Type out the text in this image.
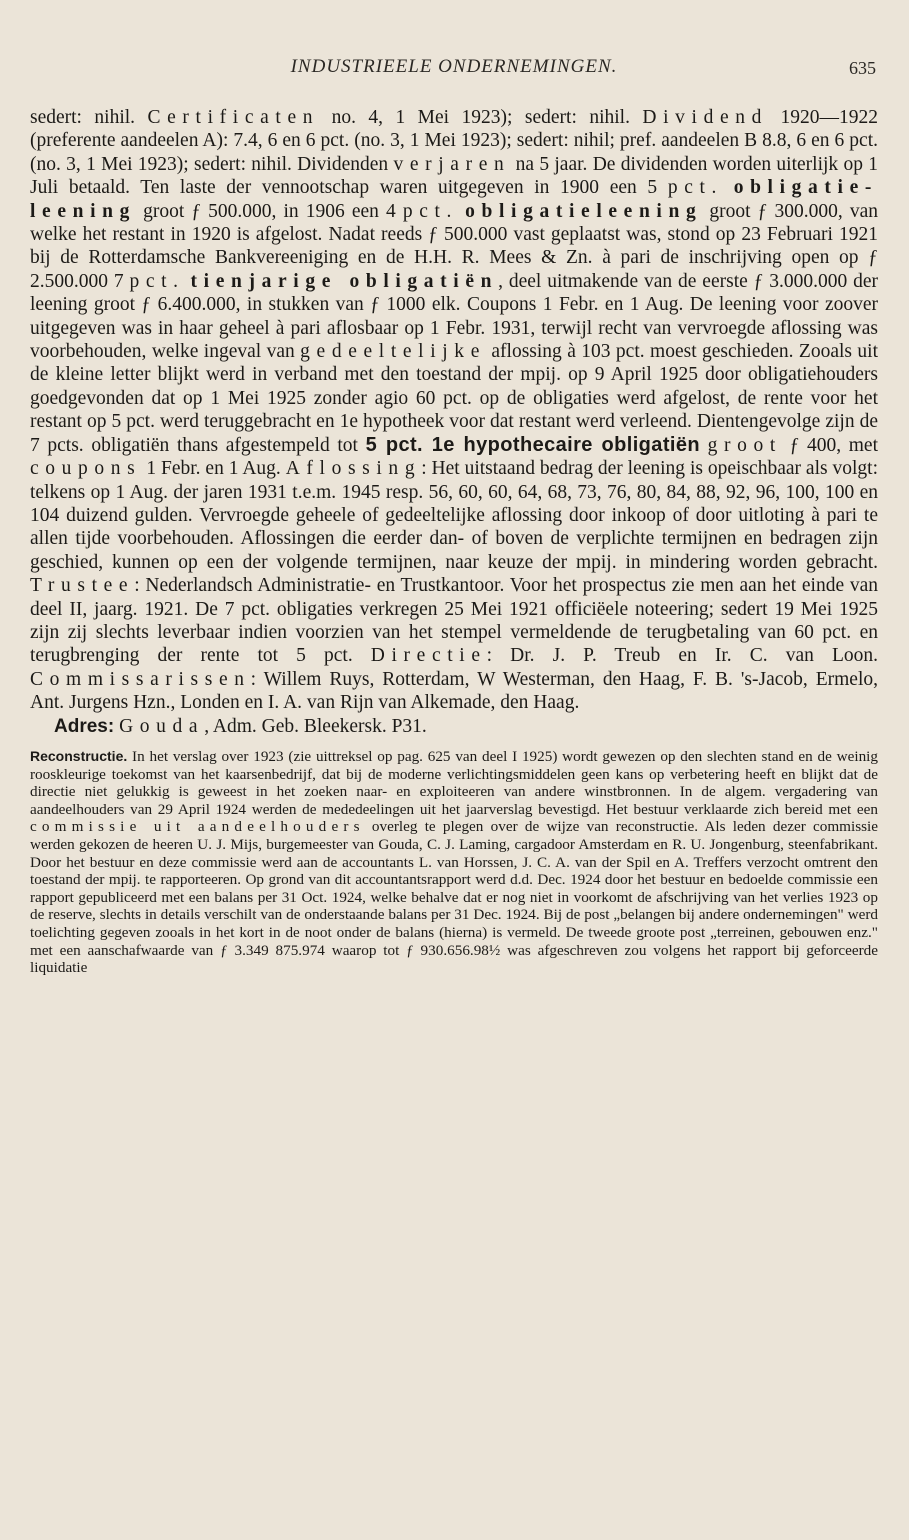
INDUSTRIEELE ONDERNEMINGEN.	635

sedert: nihil. Certificaten no. 4, 1 Mei 1923); sedert: nihil. Dividend 1920—1922 (preferente aandeelen A): 7.4, 6 en 6 pct. (no. 3, 1 Mei 1923); sedert: nihil; pref. aandeelen B 8.8, 6 en 6 pct. (no. 3, 1 Mei 1923); sedert: nihil. Dividenden verjaren na 5 jaar. De dividenden worden uiterlijk op 1 Juli betaald. Ten laste der vennootschap waren uitgegeven in 1900 een 5 pct. obligatie-leening groot ƒ 500.000, in 1906 een 4 pct. obligatieleening groot ƒ 300.000, van welke het restant in 1920 is afgelost. Nadat reeds ƒ 500.000 vast geplaatst was, stond op 23 Februari 1921 bij de Rotterdamsche Bankvereeniging en de H.H. R. Mees & Zn. à pari de inschrijving open op ƒ 2.500.000 7 pct. tienjarige obligatiën, deel uitmakende van de eerste ƒ 3.000.000 der leening groot ƒ 6.400.000, in stukken van ƒ 1000 elk. Coupons 1 Febr. en 1 Aug. De leening voor zoover uitgegeven was in haar geheel à pari aflosbaar op 1 Febr. 1931, terwijl recht van vervroegde aflossing was voorbehouden, welke ingeval van gedeeltelijke aflossing à 103 pct. moest geschieden. Zooals uit de kleine letter blijkt werd in verband met den toestand der mpij. op 9 April 1925 door obligatiehouders goedgevonden dat op 1 Mei 1925 zonder agio 60 pct. op de obligaties werd afgelost, de rente voor het restant op 5 pct. werd teruggebracht en 1e hypotheek voor dat restant werd verleend. Dientengevolge zijn de 7 pcts. obligatiën thans afgestempeld tot 5 pct. 1e hypothecaire obligatiën groot ƒ 400, met coupons 1 Febr. en 1 Aug. Aflossing: Het uitstaand bedrag der leening is opeischbaar als volgt: telkens op 1 Aug. der jaren 1931 t.e.m. 1945 resp. 56, 60, 60, 64, 68, 73, 76, 80, 84, 88, 92, 96, 100, 100 en 104 duizend gulden. Vervroegde geheele of gedeeltelijke aflossing door inkoop of door uitloting à pari te allen tijde voorbehouden. Aflossingen die eerder dan- of boven de verplichte termijnen en bedragen zijn geschied, kunnen op een der volgende termijnen, naar keuze der mpij. in mindering worden gebracht. Trustee: Nederlandsch Administratie- en Trustkantoor. Voor het prospectus zie men aan het einde van deel II, jaarg. 1921. De 7 pct. obligaties verkregen 25 Mei 1921 officiëele noteering; sedert 19 Mei 1925 zijn zij slechts leverbaar indien voorzien van het stempel vermeldende de terugbetaling van 60 pct. en terugbrenging der rente tot 5 pct. Directie: Dr. J. P. Treub en Ir. C. van Loon. Commissarissen: Willem Ruys, Rotterdam, W Westerman, den Haag, F. B. 's-Jacob, Ermelo, Ant. Jurgens Hzn., Londen en I. A. van Rijn van Alkemade, den Haag.

Adres: Gouda, Adm. Geb. Bleekersk. P31.

Reconstructie. In het verslag over 1923 (zie uittreksel op pag. 625 van deel I 1925) wordt gewezen op den slechten stand en de weinig rooskleurige toekomst van het kaarsenbedrijf, dat bij de moderne verlichtingsmiddelen geen kans op verbetering heeft en blijkt dat de directie niet gelukkig is geweest in het zoeken naar- en exploiteeren van andere winstbronnen. In de algem. vergadering van aandeelhouders van 29 April 1924 werden de mededeelingen uit het jaarverslag bevestigd. Het bestuur verklaarde zich bereid met een commissie uit aandeelhouders overleg te plegen over de wijze van reconstructie. Als leden dezer commissie werden gekozen de heeren U. J. Mijs, burgemeester van Gouda, C. J. Laming, cargadoor Amsterdam en R. U. Jongenburg, steenfabrikant. Door het bestuur en deze commissie werd aan de accountants L. van Horssen, J. C. A. van der Spil en A. Treffers verzocht omtrent den toestand der mpij. te rapporteeren. Op grond van dit accountantsrapport werd d.d. Dec. 1924 door het bestuur en bedoelde commissie een rapport gepubliceerd met een balans per 31 Oct. 1924, welke behalve dat er nog niet in voorkomt de afschrijving van het verlies 1923 op de reserve, slechts in details verschilt van de onderstaande balans per 31 Dec. 1924. Bij de post „belangen bij andere ondernemingen" werd toelichting gegeven zooals in het kort in de noot onder de balans (hierna) is vermeld. De tweede groote post „terreinen, gebouwen enz." met een aanschafwaarde van ƒ 3.349 875.974 waarop tot ƒ 930.656.98½ was afgeschreven zou volgens het rapport bij geforceerde liquidatie
